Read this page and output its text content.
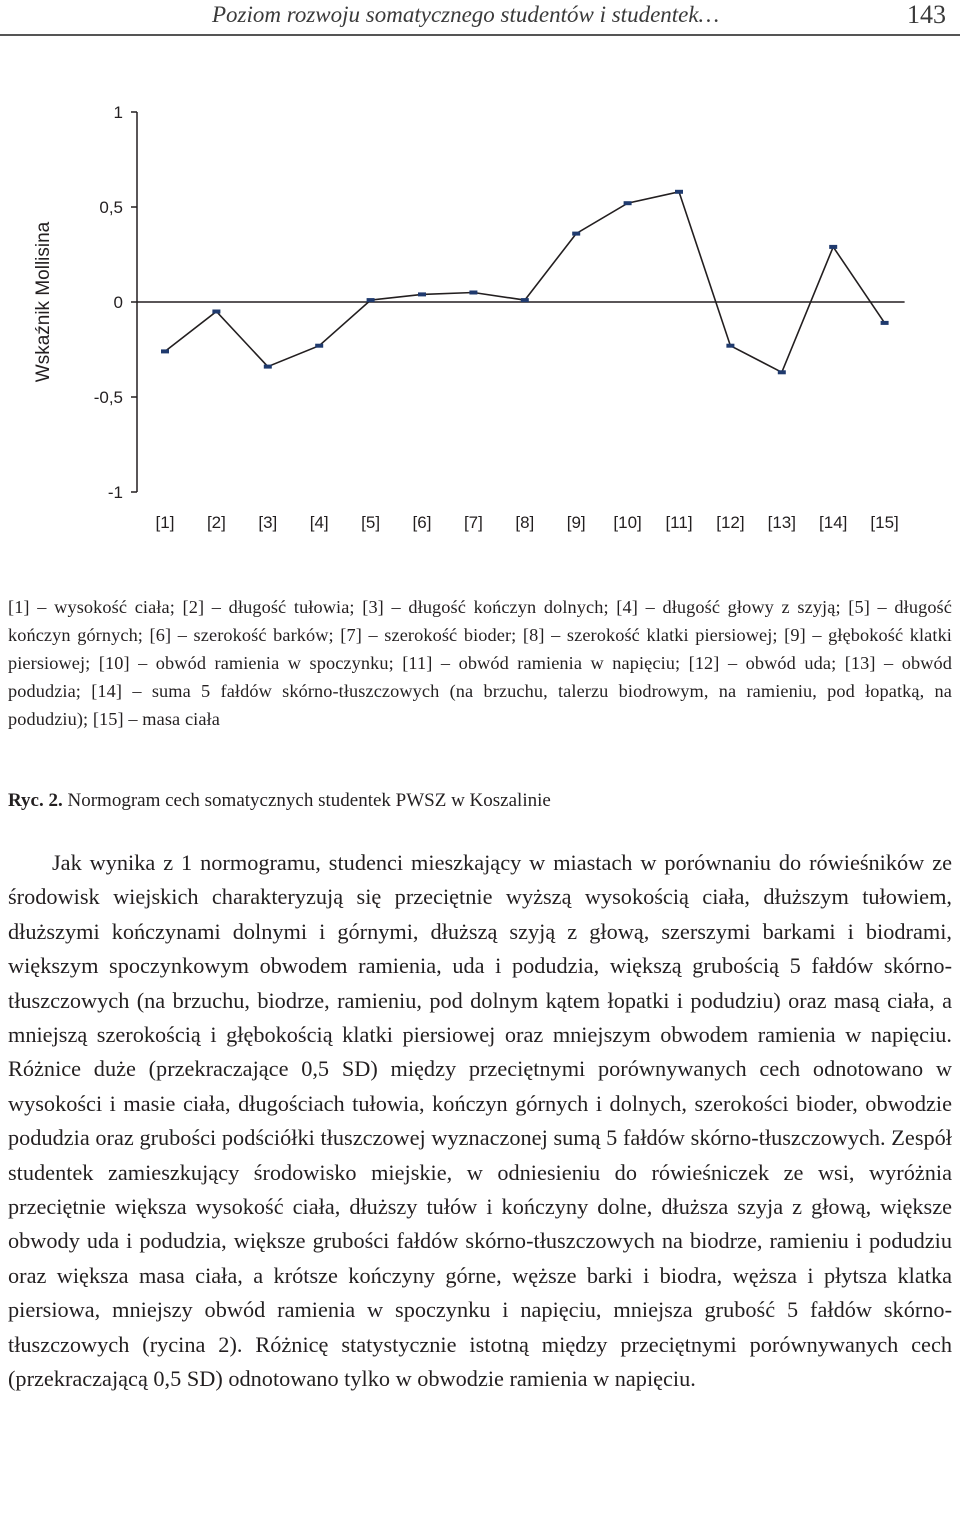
Poziom rozwoju somatycznego studentów i studentek…	143
Wskaźnik Mollisina
1
0,5
0
-0,5
-1
[1] [2] [3] [4] [5] [6] [7] [8] [9] [10] [11] [12] [13] [14] [15]
[1] – wysokość ciała; [2] – długość tułowia; [3] – długość kończyn dolnych; [4] – długość głowy z szyją; [5] – długość kończyn górnych; [6] – szerokość barków; [7] – szerokość bioder; [8] – szerokość klatki piersiowej; [9] – głębokość klatki piersiowej; [10] – obwód ramienia w spoczynku; [11] – obwód ramienia w napięciu; [12] – obwód uda; [13] – obwód podudzia; [14] – suma 5 fałdów skórno-tłuszczowych (na brzuchu, talerzu biodrowym, na ramieniu, pod łopatką, na podudziu); [15] – masa ciała
Ryc. 2. Normogram cech somatycznych studentek PWSZ w Koszalinie

Jak wynika z 1 normogramu, studenci mieszkający w miastach w porównaniu do rówieśników ze środowisk wiejskich charakteryzują się przeciętnie wyższą wysokością ciała, dłuższym tułowiem, dłuższymi kończynami dolnymi i górnymi, dłuższą szyją z głową, szerszymi barkami i biodrami, większym spoczynkowym obwodem ramienia, uda i podudzia, większą grubością 5 fałdów skórno-tłuszczowych (na brzuchu, biodrze, ramieniu, pod dolnym kątem łopatki i podudziu) oraz masą ciała, a mniejszą szerokością i głębokością klatki piersiowej oraz mniejszym obwodem ramienia w napięciu. Różnice duże (przekraczające 0,5 SD) między przeciętnymi porównywanych cech odnotowano w wysokości i masie ciała, długościach tułowia, kończyn górnych i dolnych, szerokości bioder, obwodzie podudzia oraz grubości podściółki tłuszczowej wyznaczonej sumą 5 fałdów skórno-tłuszczowych. Zespół studentek zamieszkujący środowisko miejskie, w odniesieniu do rówieśniczek ze wsi, wyróżnia przeciętnie większa wysokość ciała, dłuższy tułów i kończyny dolne, dłuższa szyja z głową, większe obwody uda i podudzia, większe grubości fałdów skórno-tłuszczowych na biodrze, ramieniu i podudziu oraz większa masa ciała, a krótsze kończyny górne, węższe barki i biodra, węższa i płytsza klatka piersiowa, mniejszy obwód ramienia w spoczynku i napięciu, mniejsza grubość 5 fałdów skórno-tłuszczowych (rycina 2). Różnicę statystycznie istotną między przeciętnymi porównywanych cech (przekraczającą 0,5 SD) odnotowano tylko w obwodzie ramienia w napięciu.
